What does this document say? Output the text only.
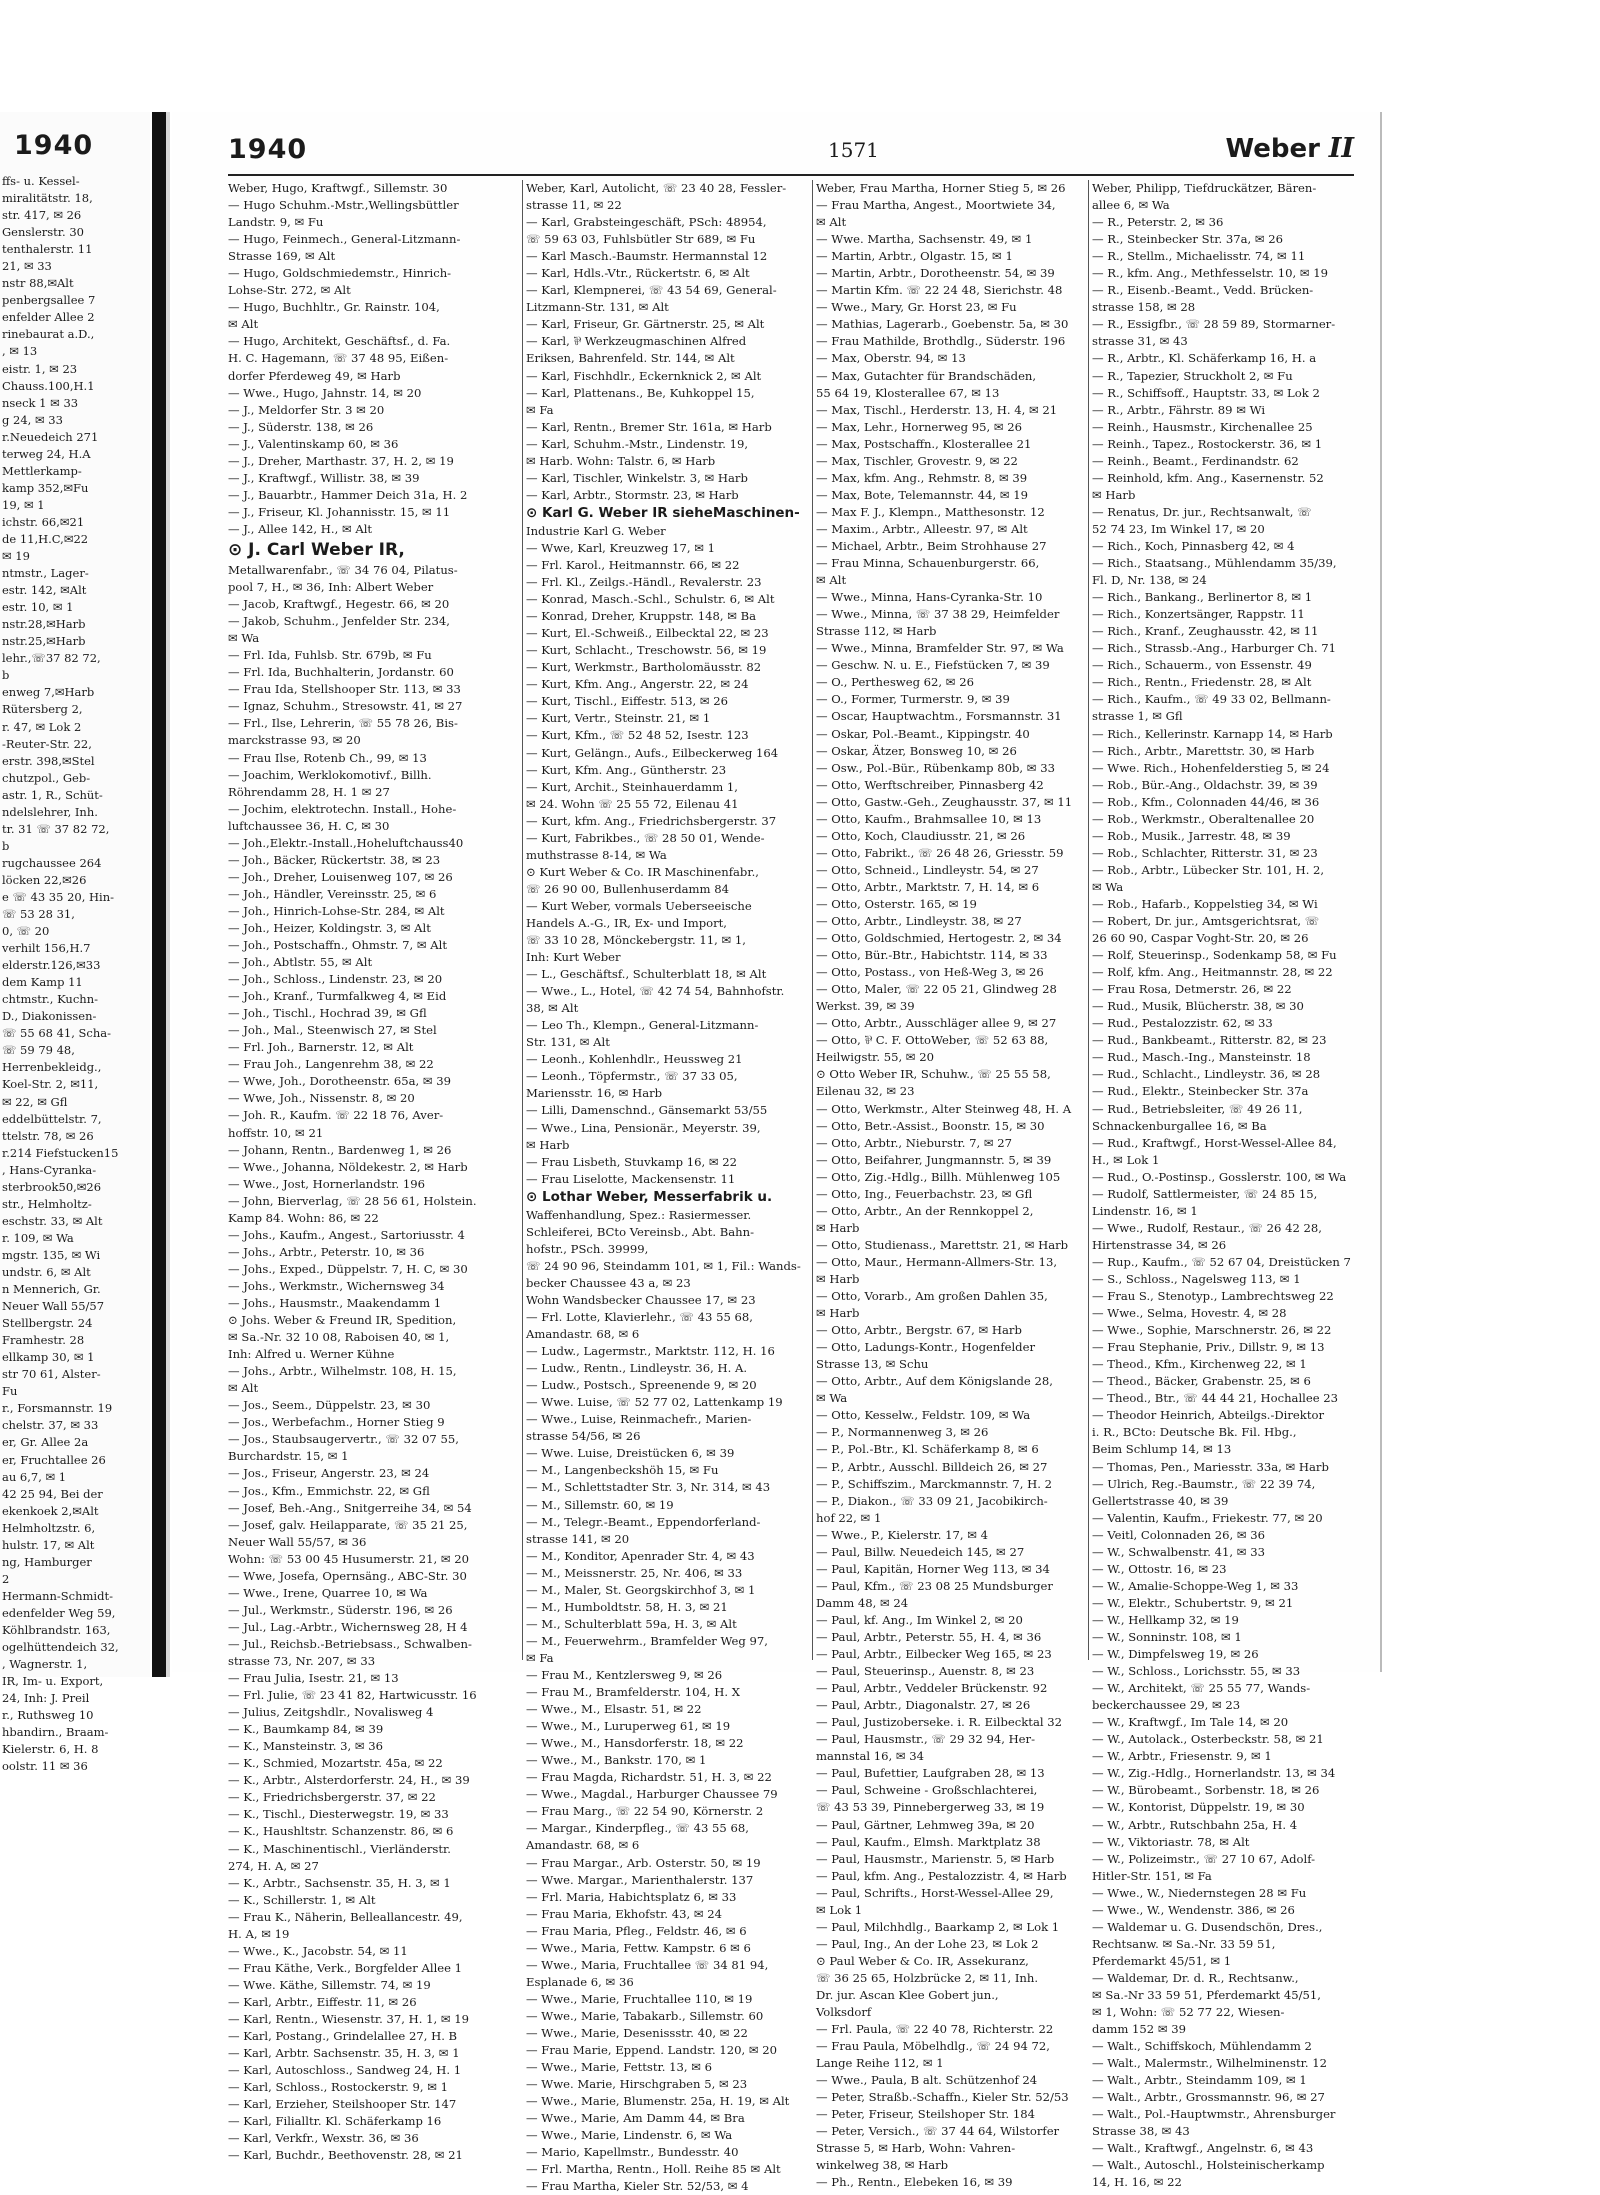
1940
ffs- u. Kessel-
miralitätstr. 18,
str. 417, ✉ 26
Genslerstr. 30
tenthalerstr. 11
21, ✉ 33
nstr 88,✉Alt
penbergsallee 7
enfelder Allee 2
rinebaurat a.D.,
, ✉ 13
eistr. 1, ✉ 23
Chauss.100,H.1
nseck 1 ✉ 33
g 24, ✉ 33
r.Neuedeich 271
terweg 24, H.A
Mettlerkamp-
kamp 352,✉Fu
19, ✉ 1
ichstr. 66,✉21
de 11,H.C,✉22
✉ 19
ntmstr., Lager-
estr. 142, ✉Alt
estr. 10, ✉ 1
nstr.28,✉Harb
nstr.25,✉Harb
lehr.,☏37 82 72,
b
enweg 7,✉Harb
Rütersberg 2,
r. 47, ✉ Lok 2
-Reuter-Str. 22,
erstr. 398,✉Stel
chutzpol., Geb-
astr. 1, R., Schüt-
ndelslehrer, Inh.
tr. 31 ☏ 37 82 72,
b
rugchaussee 264
löcken 22,✉26
e ☏ 43 35 20, Hin-
☏ 53 28 31,
0, ☏ 20
verhilt 156,H.7
elderstr.126,✉33
dem Kamp 11
chtmstr., Kuchn-
D., Diakonissen-
☏ 55 68 41, Scha-
☏ 59 79 48,
Herrenbekleidg.,
Koel-Str. 2, ✉11,
✉ 22, ✉ Gfl
eddelbüttelstr. 7,
ttelstr. 78, ✉ 26
r.214 Fiefstucken15
, Hans-Cyranka-
sterbrook50,✉26
str., Helmholtz-
eschstr. 33, ✉ Alt
r. 109, ✉ Wa
mgstr. 135, ✉ Wi
undstr. 6, ✉ Alt
n Mennerich, Gr.
Neuer Wall 55/57
Stellbergstr. 24
Framhestr. 28
ellkamp 30, ✉ 1
str 70 61, Alster-
Fu
r., Forsmannstr. 19
chelstr. 37, ✉ 33
er, Gr. Allee 2a
er, Fruchtallee 26
au 6,7, ✉ 1
42 25 94, Bei der
ekenkoek 2,✉Alt
Helmholtzstr. 6,
hulstr. 17, ✉ Alt
ng, Hamburger
2
Hermann-Schmidt-
edenfelder Weg 59,
Köhlbrandstr. 163,
ogelhüttendeich 32,
, Wagnerstr. 1,
IR, Im- u. Export,
24, Inh: J. Preil
r., Ruthsweg 10
hbandirn., Braam-
Kielerstr. 6, H. 8
oolstr. 11 ✉ 36
1940	1571	Weber II
Weber, Hugo, Kraftwgf., Sillemstr. 30
— Hugo Schuhm.-Mstr.,Wellingsbüttler
Landstr. 9, ✉ Fu
— Hugo, Feinmech., General-Litzmann-
Strasse 169, ✉ Alt
— Hugo, Goldschmiedemstr., Hinrich-
Lohse-Str. 272, ✉ Alt
— Hugo, Buchhltr., Gr. Rainstr. 104,
✉ Alt
— Hugo, Architekt, Geschäftsf., d. Fa.
H. C. Hagemann, ☏ 37 48 95, Eißen-
dorfer Pferdeweg 49, ✉ Harb
— Wwe., Hugo, Jahnstr. 14, ✉ 20
— J., Meldorfer Str. 3 ✉ 20
— J., Süderstr. 138, ✉ 26
— J., Valentinskamp 60, ✉ 36
— J., Dreher, Marthastr. 37, H. 2, ✉ 19
— J., Kraftwgf., Willistr. 38, ✉ 39
— J., Bauarbtr., Hammer Deich 31a, H. 2
— J., Friseur, Kl. Johannisstr. 15, ✉ 11
— J., Allee 142, H., ✉ Alt
⊙ J. Carl Weber IR,
Metallwarenfabr., ☏ 34 76 04, Pilatus-
pool 7, H., ✉ 36, Inh: Albert Weber
— Jacob, Kraftwgf., Hegestr. 66, ✉ 20
— Jakob, Schuhm., Jenfelder Str. 234,
✉ Wa
— Frl. Ida, Fuhlsb. Str. 679b, ✉ Fu
— Frl. Ida, Buchhalterin, Jordanstr. 60
— Frau Ida, Stellshooper Str. 113, ✉ 33
— Ignaz, Schuhm., Stresowstr. 41, ✉ 27
— Frl., Ilse, Lehrerin, ☏ 55 78 26, Bis-
marckstrasse 93, ✉ 20
— Frau Ilse, Rotenb Ch., 99, ✉ 13
— Joachim, Werklokomotivf., Billh.
Röhrendamm 28, H. 1 ✉ 27
— Jochim, elektrotechn. Install., Hohe-
luftchaussee 36, H. C, ✉ 30
— Joh.,Elektr.-Install.,Hoheluftchauss40
— Joh., Bäcker, Rückertstr. 38, ✉ 23
— Joh., Dreher, Louisenweg 107, ✉ 26
— Joh., Händler, Vereinsstr. 25, ✉ 6
— Joh., Hinrich-Lohse-Str. 284, ✉ Alt
— Joh., Heizer, Koldingstr. 3, ✉ Alt
— Joh., Postschaffn., Ohmstr. 7, ✉ Alt
— Joh., Abtlstr. 55, ✉ Alt
— Joh., Schloss., Lindenstr. 23, ✉ 20
— Joh., Kranf., Turmfalkweg 4, ✉ Eid
— Joh., Tischl., Hochrad 39, ✉ Gfl
— Joh., Mal., Steenwisch 27, ✉ Stel
— Frl. Joh., Barnerstr. 12, ✉ Alt
— Frau Joh., Langenrehm 38, ✉ 22
— Wwe, Joh., Dorotheenstr. 65a, ✉ 39
— Wwe, Joh., Nissenstr. 8, ✉ 20
— Joh. R., Kaufm. ☏ 22 18 76, Aver-
hoffstr. 10, ✉ 21
— Johann, Rentn., Bardenweg 1, ✉ 26
— Wwe., Johanna, Nöldekestr. 2, ✉ Harb
— Wwe., Jost, Hornerlandstr. 196
— John, Bierverlag, ☏ 28 56 61, Holstein.
Kamp 84. Wohn: 86, ✉ 22
— Johs., Kaufm., Angest., Sartoriusstr. 4
— Johs., Arbtr., Peterstr. 10, ✉ 36
— Johs., Exped., Düppelstr. 7, H. C, ✉ 30
— Johs., Werkmstr., Wichernsweg 34
— Johs., Hausmstr., Maakendamm 1
⊙ Johs. Weber & Freund IR, Spedition,
✉ Sa.-Nr. 32 10 08, Raboisen 40, ✉ 1,
Inh: Alfred u. Werner Kühne
— Johs., Arbtr., Wilhelmstr. 108, H. 15,
✉ Alt
— Jos., Seem., Düppelstr. 23, ✉ 30
— Jos., Werbefachm., Horner Stieg 9
— Jos., Staubsaugervertr., ☏ 32 07 55,
Burchardstr. 15, ✉ 1
— Jos., Friseur, Angerstr. 23, ✉ 24
— Jos., Kfm., Emmichstr. 22, ✉ Gfl
— Josef, Beh.-Ang., Snitgerreihe 34, ✉ 54
— Josef, galv. Heilapparate, ☏ 35 21 25,
Neuer Wall 55/57, ✉ 36
Wohn: ☏ 53 00 45 Husumerstr. 21, ✉ 20
— Wwe, Josefa, Opernsäng., ABC-Str. 30
— Wwe., Irene, Quarree 10, ✉ Wa
— Jul., Werkmstr., Süderstr. 196, ✉ 26
— Jul., Lag.-Arbtr., Wichernsweg 28, H 4
— Jul., Reichsb.-Betriebsass., Schwalben-
strasse 73, Nr. 207, ✉ 33
— Frau Julia, Isestr. 21, ✉ 13
— Frl. Julie, ☏ 23 41 82, Hartwicusstr. 16
— Julius, Zeitgshdlr., Novalisweg 4
— K., Baumkamp 84, ✉ 39
— K., Mansteinstr. 3, ✉ 36
— K., Schmied, Mozartstr. 45a, ✉ 22
— K., Arbtr., Alsterdorferstr. 24, H., ✉ 39
— K., Friedrichsbergerstr. 37, ✉ 22
— K., Tischl., Diesterwegstr. 19, ✉ 33
— K., Haushltstr. Schanzenstr. 86, ✉ 6
— K., Maschinentischl., Vierländerstr.
274, H. A, ✉ 27
— K., Arbtr., Sachsenstr. 35, H. 3, ✉ 1
— K., Schillerstr. 1, ✉ Alt
— Frau K., Näherin, Belleallancestr. 49,
H. A, ✉ 19
— Wwe., K., Jacobstr. 54, ✉ 11
— Frau Käthe, Verk., Borgfelder Allee 1
— Wwe. Käthe, Sillemstr. 74, ✉ 19
— Karl, Arbtr., Eiffestr. 11, ✉ 26
— Karl, Rentn., Wiesenstr. 37, H. 1, ✉ 19
— Karl, Postang., Grindelallee 27, H. B
— Karl, Arbtr. Sachsenstr. 35, H. 3, ✉ 1
— Karl, Autoschloss., Sandweg 24, H. 1
— Karl, Schloss., Rostockerstr. 9, ✉ 1
— Karl, Erzieher, Steilshooper Str. 147
— Karl, Filialltr. Kl. Schäferkamp 16
— Karl, Verkfr., Wexstr. 36, ✉ 36
— Karl, Buchdr., Beethovenstr. 28, ✉ 21
Weber, Karl, Autolicht, ☏ 23 40 28, Fessler-
strasse 11, ✉ 22
— Karl, Grabsteingeschäft, PSch: 48954,
☏ 59 63 03, Fuhlsbütler Str 689, ✉ Fu
— Karl Masch.-Baumstr. Hermannstal 12
— Karl, Hdls.-Vtr., Rückertstr. 6, ✉ Alt
— Karl, Klempnerei, ☏ 43 54 69, General-
Litzmann-Str. 131, ✉ Alt
— Karl, Friseur, Gr. Gärtnerstr. 25, ✉ Alt
— Karl, ⅌ Werkzeugmaschinen Alfred
Eriksen, Bahrenfeld. Str. 144, ✉ Alt
— Karl, Fischhdlr., Eckernknick 2, ✉ Alt
— Karl, Plattenans., Be, Kuhkoppel 15,
✉ Fa
— Karl, Rentn., Bremer Str. 161a, ✉ Harb
— Karl, Schuhm.-Mstr., Lindenstr. 19,
✉ Harb. Wohn: Talstr. 6, ✉ Harb
— Karl, Tischler, Winkelstr. 3, ✉ Harb
— Karl, Arbtr., Stormstr. 23, ✉ Harb
⊙ Karl G. Weber IR sieheMaschinen-
Industrie Karl G. Weber
— Wwe, Karl, Kreuzweg 17, ✉ 1
— Frl. Karol., Heitmannstr. 66, ✉ 22
— Frl. Kl., Zeilgs.-Händl., Revalerstr. 23
— Konrad, Masch.-Schl., Schulstr. 6, ✉ Alt
— Konrad, Dreher, Kruppstr. 148, ✉ Ba
— Kurt, El.-Schweiß., Eilbecktal 22, ✉ 23
— Kurt, Schlacht., Treschowstr. 56, ✉ 19
— Kurt, Werkmstr., Bartholomäusstr. 82
— Kurt, Kfm. Ang., Angerstr. 22, ✉ 24
— Kurt, Tischl., Eiffestr. 513, ✉ 26
— Kurt, Vertr., Steinstr. 21, ✉ 1
— Kurt, Kfm., ☏ 52 48 52, Isestr. 123
— Kurt, Gelängn., Aufs., Eilbeckerweg 164
— Kurt, Kfm. Ang., Güntherstr. 23
— Kurt, Archit., Steinhauerdamm 1,
✉ 24. Wohn ☏ 25 55 72, Eilenau 41
— Kurt, kfm. Ang., Friedrichsbergerstr. 37
— Kurt, Fabrikbes., ☏ 28 50 01, Wende-
muthstrasse 8-14, ✉ Wa
⊙ Kurt Weber & Co. IR Maschinenfabr.,
☏ 26 90 00, Bullenhuserdamm 84
— Kurt Weber, vormals Ueberseeische
Handels A.-G., IR, Ex- und Import,
☏ 33 10 28, Mönckebergstr. 11, ✉ 1,
Inh: Kurt Weber
— L., Geschäftsf., Schulterblatt 18, ✉ Alt
— Wwe., L., Hotel, ☏ 42 74 54, Bahnhofstr.
38, ✉ Alt
— Leo Th., Klempn., General-Litzmann-
Str. 131, ✉ Alt
— Leonh., Kohlenhdlr., Heussweg 21
— Leonh., Töpfermstr., ☏ 37 33 05,
Mariensstr. 16, ✉ Harb
— Lilli, Damenschnd., Gänsemarkt 53/55
— Wwe., Lina, Pensionär., Meyerstr. 39,
✉ Harb
— Frau Lisbeth, Stuvkamp 16, ✉ 22
— Frau Liselotte, Mackensenstr. 11
⊙ Lothar Weber, Messerfabrik u.
Waffenhandlung, Spez.: Rasiermesser.
Schleiferei, BCto Vereinsb., Abt. Bahn-
hofstr., PSch. 39999,
☏ 24 90 96, Steindamm 101, ✉ 1, Fil.: Wands-
becker Chaussee 43 a, ✉ 23
Wohn Wandsbecker Chaussee 17, ✉ 23
— Frl. Lotte, Klavierlehr., ☏ 43 55 68,
Amandastr. 68, ✉ 6
— Ludw., Lagermstr., Marktstr. 112, H. 16
— Ludw., Rentn., Lindleystr. 36, H. A.
— Ludw., Postsch., Spreenende 9, ✉ 20
— Wwe. Luise, ☏ 52 77 02, Lattenkamp 19
— Wwe., Luise, Reinmachefr., Marien-
strasse 54/56, ✉ 26
— Wwe. Luise, Dreistücken 6, ✉ 39
— M., Langenbeckshöh 15, ✉ Fu
— M., Schlettstadter Str. 3, Nr. 314, ✉ 43
— M., Sillemstr. 60, ✉ 19
— M., Telegr.-Beamt., Eppendorferland-
strasse 141, ✉ 20
— M., Konditor, Apenrader Str. 4, ✉ 43
— M., Meissnerstr. 25, Nr. 406, ✉ 33
— M., Maler, St. Georgskirchhof 3, ✉ 1
— M., Humboldtstr. 58, H. 3, ✉ 21
— M., Schulterblatt 59a, H. 3, ✉ Alt
— M., Feuerwehrm., Bramfelder Weg 97,
✉ Fa
— Frau M., Kentzlersweg 9, ✉ 26
— Frau M., Bramfelderstr. 104, H. X
— Wwe., M., Elsastr. 51, ✉ 22
— Wwe., M., Luruperweg 61, ✉ 19
— Wwe., M., Hansdorferstr. 18, ✉ 22
— Wwe., M., Bankstr. 170, ✉ 1
— Frau Magda, Richardstr. 51, H. 3, ✉ 22
— Wwe., Magdal., Harburger Chaussee 79
— Frau Marg., ☏ 22 54 90, Körnerstr. 2
— Margar., Kinderpfleg., ☏ 43 55 68,
Amandastr. 68, ✉ 6
— Frau Margar., Arb. Osterstr. 50, ✉ 19
— Wwe. Margar., Marienthalerstr. 137
— Frl. Maria, Habichtsplatz 6, ✉ 33
— Frau Maria, Ekhofstr. 43, ✉ 24
— Frau Maria, Pfleg., Feldstr. 46, ✉ 6
— Wwe., Maria, Fettw. Kampstr. 6 ✉ 6
— Wwe., Maria, Fruchtallee ☏ 34 81 94,
Esplanade 6, ✉ 36
— Wwe., Marie, Fruchtallee 110, ✉ 19
— Wwe., Marie, Tabakarb., Sillemstr. 60
— Wwe., Marie, Desenissstr. 40, ✉ 22
— Frau Marie, Eppend. Landstr. 120, ✉ 20
— Wwe., Marie, Fettstr. 13, ✉ 6
— Wwe. Marie, Hirschgraben 5, ✉ 23
— Wwe., Marie, Blumenstr. 25a, H. 19, ✉ Alt
— Wwe., Marie, Am Damm 44, ✉ Bra
— Wwe., Marie, Lindenstr. 6, ✉ Wa
— Mario, Kapellmstr., Bundesstr. 40
— Frl. Martha, Rentn., Holl. Reihe 85 ✉ Alt
— Frau Martha, Kieler Str. 52/53, ✉ 4
Weber, Frau Martha, Horner Stieg 5, ✉ 26
— Frau Martha, Angest., Moortwiete 34,
✉ Alt
— Wwe. Martha, Sachsenstr. 49, ✉ 1
— Martin, Arbtr., Olgastr. 15, ✉ 1
— Martin, Arbtr., Dorotheenstr. 54, ✉ 39
— Martin Kfm. ☏ 22 24 48, Sierichstr. 48
— Wwe., Mary, Gr. Horst 23, ✉ Fu
— Mathias, Lagerarb., Goebenstr. 5a, ✉ 30
— Frau Mathilde, Brothdlg., Süderstr. 196
— Max, Oberstr. 94, ✉ 13
— Max, Gutachter für Brandschäden,
55 64 19, Klosterallee 67, ✉ 13
— Max, Tischl., Herderstr. 13, H. 4, ✉ 21
— Max, Lehr., Hornerweg 95, ✉ 26
— Max, Postschaffn., Klosterallee 21
— Max, Tischler, Grovestr. 9, ✉ 22
— Max, kfm. Ang., Rehmstr. 8, ✉ 39
— Max, Bote, Telemannstr. 44, ✉ 19
— Max F. J., Klempn., Matthesonstr. 12
— Maxim., Arbtr., Alleestr. 97, ✉ Alt
— Michael, Arbtr., Beim Strohhause 27
— Frau Minna, Schauenburgerstr. 66,
✉ Alt
— Wwe., Minna, Hans-Cyranka-Str. 10
— Wwe., Minna, ☏ 37 38 29, Heimfelder
Strasse 112, ✉ Harb
— Wwe., Minna, Bramfelder Str. 97, ✉ Wa
— Geschw. N. u. E., Fiefstücken 7, ✉ 39
— O., Perthesweg 62, ✉ 26
— O., Former, Turmerstr. 9, ✉ 39
— Oscar, Hauptwachtm., Forsmannstr. 31
— Oskar, Pol.-Beamt., Kippingstr. 40
— Oskar, Ätzer, Bonsweg 10, ✉ 26
— Osw., Pol.-Bür., Rübenkamp 80b, ✉ 33
— Otto, Werftschreiber, Pinnasberg 42
— Otto, Gastw.-Geh., Zeughausstr. 37, ✉ 11
— Otto, Kaufm., Brahmsallee 10, ✉ 13
— Otto, Koch, Claudiusstr. 21, ✉ 26
— Otto, Fabrikt., ☏ 26 48 26, Griesstr. 59
— Otto, Schneid., Lindleystr. 54, ✉ 27
— Otto, Arbtr., Marktstr. 7, H. 14, ✉ 6
— Otto, Osterstr. 165, ✉ 19
— Otto, Arbtr., Lindleystr. 38, ✉ 27
— Otto, Goldschmied, Hertogestr. 2, ✉ 34
— Otto, Bür.-Btr., Habichtstr. 114, ✉ 33
— Otto, Postass., von Heß-Weg 3, ✉ 26
— Otto, Maler, ☏ 22 05 21, Glindweg 28
Werkst. 39, ✉ 39
— Otto, Arbtr., Ausschläger allee 9, ✉ 27
— Otto, ⅌ C. F. OttoWeber, ☏ 52 63 88,
Heilwigstr. 55, ✉ 20
⊙ Otto Weber IR, Schuhw., ☏ 25 55 58,
Eilenau 32, ✉ 23
— Otto, Werkmstr., Alter Steinweg 48, H. A
— Otto, Betr.-Assist., Boonstr. 15, ✉ 30
— Otto, Arbtr., Nieburstr. 7, ✉ 27
— Otto, Beifahrer, Jungmannstr. 5, ✉ 39
— Otto, Zig.-Hdlg., Billh. Mühlenweg 105
— Otto, Ing., Feuerbachstr. 23, ✉ Gfl
— Otto, Arbtr., An der Rennkoppel 2,
✉ Harb
— Otto, Studienass., Marettstr. 21, ✉ Harb
— Otto, Maur., Hermann-Allmers-Str. 13,
✉ Harb
— Otto, Vorarb., Am großen Dahlen 35,
✉ Harb
— Otto, Arbtr., Bergstr. 67, ✉ Harb
— Otto, Ladungs-Kontr., Hogenfelder
Strasse 13, ✉ Schu
— Otto, Arbtr., Auf dem Königslande 28,
✉ Wa
— Otto, Kesselw., Feldstr. 109, ✉ Wa
— P., Normannenweg 3, ✉ 26
— P., Pol.-Btr., Kl. Schäferkamp 8, ✉ 6
— P., Arbtr., Ausschl. Billdeich 26, ✉ 27
— P., Schiffszim., Marckmannstr. 7, H. 2
— P., Diakon., ☏ 33 09 21, Jacobikirch-
hof 22, ✉ 1
— Wwe., P., Kielerstr. 17, ✉ 4
— Paul, Billw. Neuedeich 145, ✉ 27
— Paul, Kapitän, Horner Weg 113, ✉ 34
— Paul, Kfm., ☏ 23 08 25 Mundsburger
Damm 48, ✉ 24
— Paul, kf. Ang., Im Winkel 2, ✉ 20
— Paul, Arbtr., Peterstr. 55, H. 4, ✉ 36
— Paul, Arbtr., Eilbecker Weg 165, ✉ 23
— Paul, Steuerinsp., Auenstr. 8, ✉ 23
— Paul, Arbtr., Veddeler Brückenstr. 92
— Paul, Arbtr., Diagonalstr. 27, ✉ 26
— Paul, Justizoberseke. i. R. Eilbecktal 32
— Paul, Hausmstr., ☏ 29 32 94, Her-
mannstal 16, ✉ 34
— Paul, Bufettier, Laufgraben 28, ✉ 13
— Paul, Schweine - Großschlachterei,
☏ 43 53 39, Pinnebergerweg 33, ✉ 19
— Paul, Gärtner, Lehmweg 39a, ✉ 20
— Paul, Kaufm., Elmsh. Marktplatz 38
— Paul, Hausmstr., Marienstr. 5, ✉ Harb
— Paul, kfm. Ang., Pestalozzistr. 4, ✉ Harb
— Paul, Schrifts., Horst-Wessel-Allee 29,
✉ Lok 1
— Paul, Milchhdlg., Baarkamp 2, ✉ Lok 1
— Paul, Ing., An der Lohe 23, ✉ Lok 2
⊙ Paul Weber & Co. IR, Assekuranz,
☏ 36 25 65, Holzbrücke 2, ✉ 11, Inh.
Dr. jur. Ascan Klee Gobert jun.,
Volksdorf
— Frl. Paula, ☏ 22 40 78, Richterstr. 22
— Frau Paula, Möbelhdlg., ☏ 24 94 72,
Lange Reihe 112, ✉ 1
— Wwe., Paula, B alt. Schützenhof 24
— Peter, Straßb.-Schaffn., Kieler Str. 52/53
— Peter, Friseur, Steilshoper Str. 184
— Peter, Versich., ☏ 37 44 64, Wilstorfer
Strasse 5, ✉ Harb, Wohn: Vahren-
winkelweg 38, ✉ Harb
— Ph., Rentn., Elebeken 16, ✉ 39
Weber, Philipp, Tiefdruckätzer, Bären-
allee 6, ✉ Wa
— R., Peterstr. 2, ✉ 36
— R., Steinbecker Str. 37a, ✉ 26
— R., Stellm., Michaelisstr. 74, ✉ 11
— R., kfm. Ang., Methfesselstr. 10, ✉ 19
— R., Eisenb.-Beamt., Vedd. Brücken-
strasse 158, ✉ 28
— R., Essigfbr., ☏ 28 59 89, Stormarner-
strasse 31, ✉ 43
— R., Arbtr., Kl. Schäferkamp 16, H. a
— R., Tapezier, Struckholt 2, ✉ Fu
— R., Schiffsoff., Hauptstr. 33, ✉ Lok 2
— R., Arbtr., Fährstr. 89 ✉ Wi
— Reinh., Hausmstr., Kirchenallee 25
— Reinh., Tapez., Rostockerstr. 36, ✉ 1
— Reinh., Beamt., Ferdinandstr. 62
— Reinhold, kfm. Ang., Kasernenstr. 52
✉ Harb
— Renatus, Dr. jur., Rechtsanwalt, ☏
52 74 23, Im Winkel 17, ✉ 20
— Rich., Koch, Pinnasberg 42, ✉ 4
— Rich., Staatsang., Mühlendamm 35/39,
Fl. D, Nr. 138, ✉ 24
— Rich., Bankang., Berlinertor 8, ✉ 1
— Rich., Konzertsänger, Rappstr. 11
— Rich., Kranf., Zeughausstr. 42, ✉ 11
— Rich., Strassb.-Ang., Harburger Ch. 71
— Rich., Schauerm., von Essenstr. 49
— Rich., Rentn., Friedenstr. 28, ✉ Alt
— Rich., Kaufm., ☏ 49 33 02, Bellmann-
strasse 1, ✉ Gfl
— Rich., Kellerinstr. Karnapp 14, ✉ Harb
— Rich., Arbtr., Marettstr. 30, ✉ Harb
— Wwe. Rich., Hohenfelderstieg 5, ✉ 24
— Rob., Bür.-Ang., Oldachstr. 39, ✉ 39
— Rob., Kfm., Colonnaden 44/46, ✉ 36
— Rob., Werkmstr., Oberaltenallee 20
— Rob., Musik., Jarrestr. 48, ✉ 39
— Rob., Schlachter, Ritterstr. 31, ✉ 23
— Rob., Arbtr., Lübecker Str. 101, H. 2,
✉ Wa
— Rob., Hafarb., Koppelstieg 34, ✉ Wi
— Robert, Dr. jur., Amtsgerichtsrat, ☏
26 60 90, Caspar Voght-Str. 20, ✉ 26
— Rolf, Steuerinsp., Sodenkamp 58, ✉ Fu
— Rolf, kfm. Ang., Heitmannstr. 28, ✉ 22
— Frau Rosa, Detmerstr. 26, ✉ 22
— Rud., Musik, Blücherstr. 38, ✉ 30
— Rud., Pestalozzistr. 62, ✉ 33
— Rud., Bankbeamt., Ritterstr. 82, ✉ 23
— Rud., Masch.-Ing., Mansteinstr. 18
— Rud., Schlacht., Lindleystr. 36, ✉ 28
— Rud., Elektr., Steinbecker Str. 37a
— Rud., Betriebsleiter, ☏ 49 26 11,
Schnackenburgallee 16, ✉ Ba
— Rud., Kraftwgf., Horst-Wessel-Allee 84,
H., ✉ Lok 1
— Rud., O.-Postinsp., Gosslerstr. 100, ✉ Wa
— Rudolf, Sattlermeister, ☏ 24 85 15,
Lindenstr. 16, ✉ 1
— Wwe., Rudolf, Restaur., ☏ 26 42 28,
Hirtenstrasse 34, ✉ 26
— Rup., Kaufm., ☏ 52 67 04, Dreistücken 7
— S., Schloss., Nagelsweg 113, ✉ 1
— Frau S., Stenotyp., Lambrechtsweg 22
— Wwe., Selma, Hovestr. 4, ✉ 28
— Wwe., Sophie, Marschnerstr. 26, ✉ 22
— Frau Stephanie, Priv., Dillstr. 9, ✉ 13
— Theod., Kfm., Kirchenweg 22, ✉ 1
— Theod., Bäcker, Grabenstr. 25, ✉ 6
— Theod., Btr., ☏ 44 44 21, Hochallee 23
— Theodor Heinrich, Abteilgs.-Direktor
i. R., BCto: Deutsche Bk. Fil. Hbg.,
Beim Schlump 14, ✉ 13
— Thomas, Pen., Mariesstr. 33a, ✉ Harb
— Ulrich, Reg.-Baumstr., ☏ 22 39 74,
Gellertstrasse 40, ✉ 39
— Valentin, Kaufm., Friekestr. 77, ✉ 20
— Veitl, Colonnaden 26, ✉ 36
— W., Schwalbenstr. 41, ✉ 33
— W., Ottostr. 16, ✉ 23
— W., Amalie-Schoppe-Weg 1, ✉ 33
— W., Elektr., Schubertstr. 9, ✉ 21
— W., Hellkamp 32, ✉ 19
— W., Sonninstr. 108, ✉ 1
— W., Dimpfelsweg 19, ✉ 26
— W., Schloss., Lorichsstr. 55, ✉ 33
— W., Architekt, ☏ 25 55 77, Wands-
beckerchaussee 29, ✉ 23
— W., Kraftwgf., Im Tale 14, ✉ 20
— W., Autolack., Osterbeckstr. 58, ✉ 21
— W., Arbtr., Friesenstr. 9, ✉ 1
— W., Zig.-Hdlg., Hornerlandstr. 13, ✉ 34
— W., Bürobeamt., Sorbenstr. 18, ✉ 26
— W., Kontorist, Düppelstr. 19, ✉ 30
— W., Arbtr., Rutschbahn 25a, H. 4
— W., Viktoriastr. 78, ✉ Alt
— W., Polizeimstr., ☏ 27 10 67, Adolf-
Hitler-Str. 151, ✉ Fa
— Wwe., W., Niedernstegen 28 ✉ Fu
— Wwe., W., Wendenstr. 386, ✉ 26
— Waldemar u. G. Dusendschön, Dres.,
Rechtsanw. ✉ Sa.-Nr. 33 59 51,
Pferdemarkt 45/51, ✉ 1
— Waldemar, Dr. d. R., Rechtsanw.,
✉ Sa.-Nr 33 59 51, Pferdemarkt 45/51,
✉ 1, Wohn: ☏ 52 77 22, Wiesen-
damm 152 ✉ 39
— Walt., Schiffskoch, Mühlendamm 2
— Walt., Malermstr., Wilhelminenstr. 12
— Walt., Arbtr., Steindamm 109, ✉ 1
— Walt., Arbtr., Grossmannstr. 96, ✉ 27
— Walt., Pol.-Hauptwmstr., Ahrensburger
Strasse 38, ✉ 43
— Walt., Kraftwgf., Angelnstr. 6, ✉ 43
— Walt., Autoschl., Holsteinischerkamp
14, H. 16, ✉ 22
